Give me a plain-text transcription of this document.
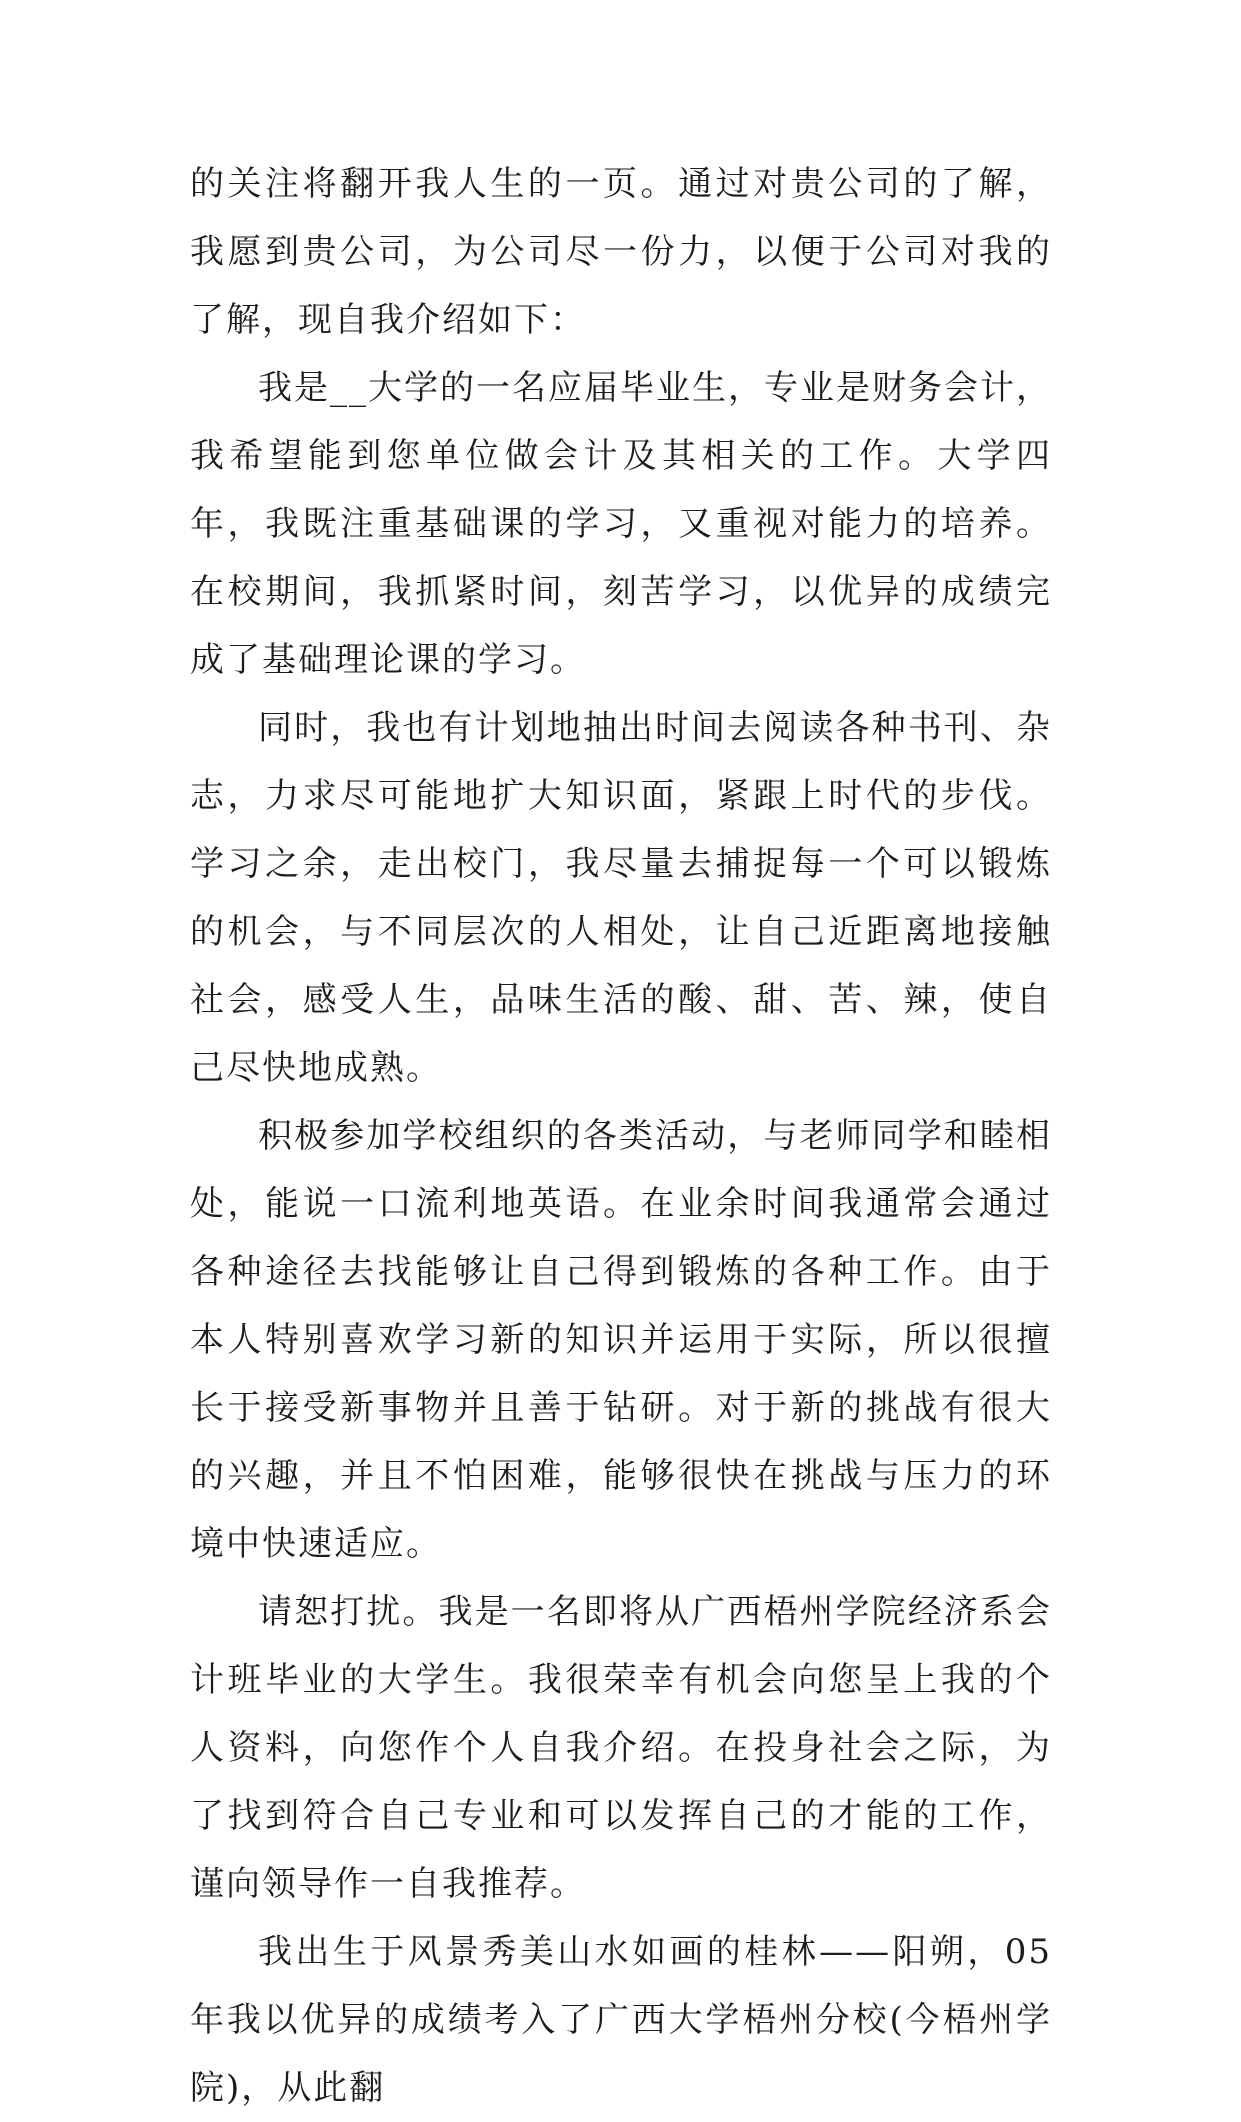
的关注将翻开我人生的一页。通过对贵公司的了解，我愿到贵公司，为公司尽一份力，以便于公司对我的了解，现自我介绍如下：

我是__大学的一名应届毕业生，专业是财务会计，我希望能到您单位做会计及其相关的工作。大学四年，我既注重基础课的学习，又重视对能力的培养。在校期间，我抓紧时间，刻苦学习，以优异的成绩完成了基础理论课的学习。

同时，我也有计划地抽出时间去阅读各种书刊、杂志，力求尽可能地扩大知识面，紧跟上时代的步伐。学习之余，走出校门，我尽量去捕捉每一个可以锻炼的机会，与不同层次的人相处，让自己近距离地接触社会，感受人生，品味生活的酸、甜、苦、辣，使自己尽快地成熟。

积极参加学校组织的各类活动，与老师同学和睦相处，能说一口流利地英语。在业余时间我通常会通过各种途径去找能够让自己得到锻炼的各种工作。由于本人特别喜欢学习新的知识并运用于实际，所以很擅长于接受新事物并且善于钻研。对于新的挑战有很大的兴趣，并且不怕困难，能够很快在挑战与压力的环境中快速适应。

请恕打扰。我是一名即将从广西梧州学院经济系会计班毕业的大学生。我很荣幸有机会向您呈上我的个人资料，向您作个人自我介绍。在投身社会之际，为了找到符合自己专业和可以发挥自己的才能的工作，谨向领导作一自我推荐。

我出生于风景秀美山水如画的桂林——阳朔，05年我以优异的成绩考入了广西大学梧州分校(今梧州学院)，从此翻
